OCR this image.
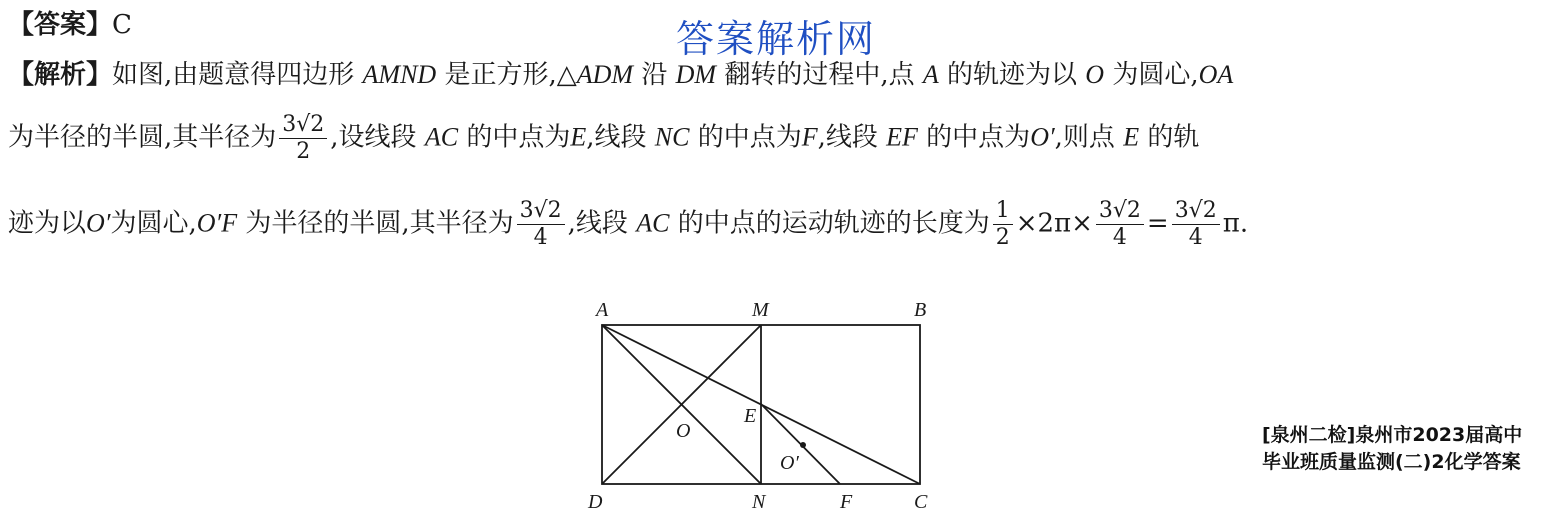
答案解析网
【答案】C
【解析】如图,由题意得四边形 AMND 是正方形,△ADM 沿 DM 翻转的过程中,点 A 的轨迹为以 O 为圆心,OA
为半径的半圆,其半径为 $\frac{3√2}{2}$ ,设线段 AC 的中点为E,线段 NC 的中点为F,线段 EF 的中点为O′,则点 E 的轨
迹为以O′为圆心,O′F 为半径的半圆,其半径为 $\frac{3√2}{4}$ ,线段 AC 的中点的运动轨迹的长度为 $\frac{1}{2} \times 2\pi\times \frac{3√2}{4} = \frac{3√2}{4} \pi$.
A	M	B
D	N	F	C
O
E
O′
[泉州二检]泉州市2023届高中毕业班质量监测(二)2化学答案
